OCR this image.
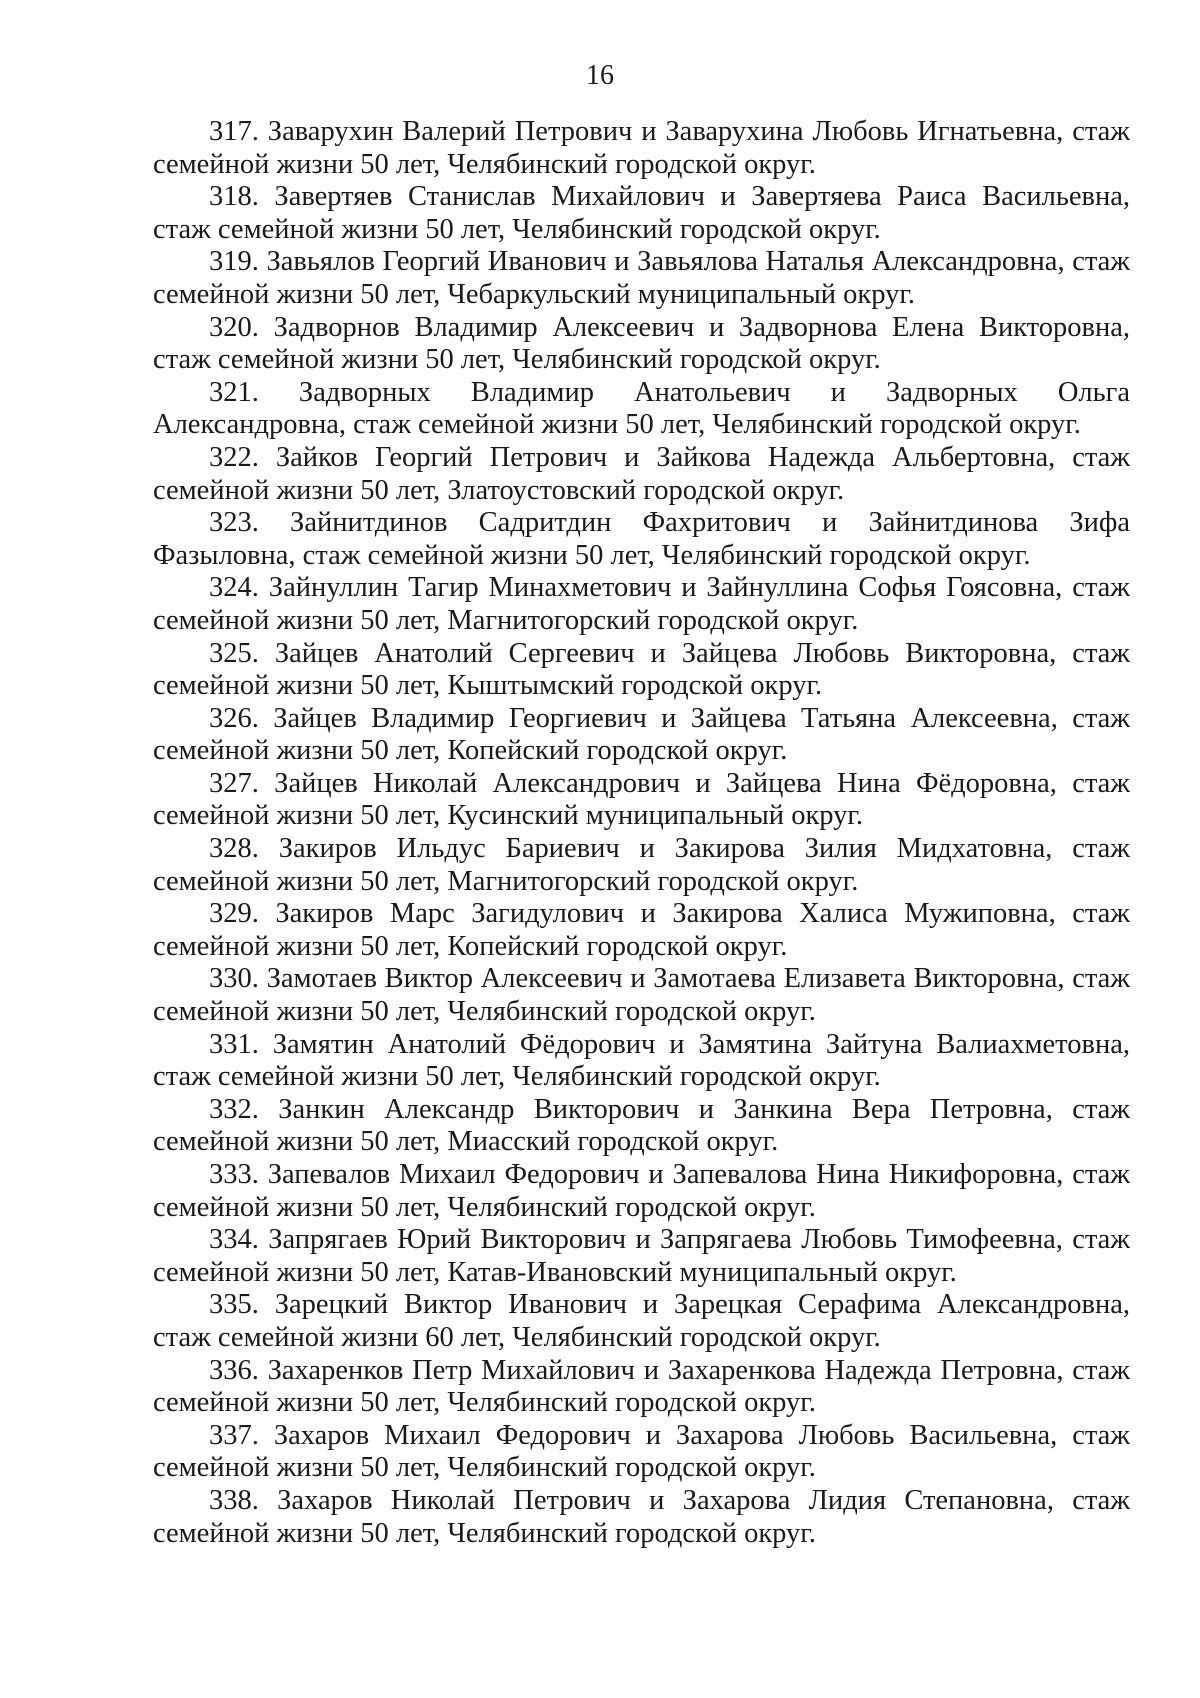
16

317. Заварухин Валерий Петрович и Заварухина Любовь Игнатьевна, стаж семейной жизни 50 лет, Челябинский городской округ.

318. Завертяев Станислав Михайлович и Завертяева Раиса Васильевна, стаж семейной жизни 50 лет, Челябинский городской округ.

319. Завьялов Георгий Иванович и Завьялова Наталья Александровна, стаж семейной жизни 50 лет, Чебаркульский муниципальный округ.

320. Задворнов Владимир Алексеевич и Задворнова Елена Викторовна, стаж семейной жизни 50 лет, Челябинский городской округ.

321. Задворных Владимир Анатольевич и Задворных Ольга Александровна, стаж семейной жизни 50 лет, Челябинский городской округ.

322. Зайков Георгий Петрович и Зайкова Надежда Альбертовна, стаж семейной жизни 50 лет, Златоустовский городской округ.

323. Зайнитдинов Садритдин Фахритович и Зайнитдинова Зифа Фазыловна, стаж семейной жизни 50 лет, Челябинский городской округ.

324. Зайнуллин Тагир Минахметович и Зайнуллина Софья Гоясовна, стаж семейной жизни 50 лет, Магнитогорский городской округ.

325. Зайцев Анатолий Сергеевич и Зайцева Любовь Викторовна, стаж семейной жизни 50 лет, Кыштымский городской округ.

326. Зайцев Владимир Георгиевич и Зайцева Татьяна Алексеевна, стаж семейной жизни 50 лет, Копейский городской округ.

327. Зайцев Николай Александрович и Зайцева Нина Фёдоровна, стаж семейной жизни 50 лет, Кусинский муниципальный округ.

328. Закиров Ильдус Бариевич и Закирова Зилия Мидхатовна, стаж семейной жизни 50 лет, Магнитогорский городской округ.

329. Закиров Марс Загидулович и Закирова Халиса Мужиповна, стаж семейной жизни 50 лет, Копейский городской округ.

330. Замотаев Виктор Алексеевич и Замотаева Елизавета Викторовна, стаж семейной жизни 50 лет, Челябинский городской округ.

331. Замятин Анатолий Фёдорович и Замятина Зайтуна Валиахметовна, стаж семейной жизни 50 лет, Челябинский городской округ.

332. Занкин Александр Викторович и Занкина Вера Петровна, стаж семейной жизни 50 лет, Миасский городской округ.

333. Запевалов Михаил Федорович и Запевалова Нина Никифоровна, стаж семейной жизни 50 лет, Челябинский городской округ.

334. Запрягаев Юрий Викторович и Запрягаева Любовь Тимофеевна, стаж семейной жизни 50 лет, Катав-Ивановский муниципальный округ.

335. Зарецкий Виктор Иванович и Зарецкая Серафима Александровна, стаж семейной жизни 60 лет, Челябинский городской округ.

336. Захаренков Петр Михайлович и Захаренкова Надежда Петровна, стаж семейной жизни 50 лет, Челябинский городской округ.

337. Захаров Михаил Федорович и Захарова Любовь Васильевна, стаж семейной жизни 50 лет, Челябинский городской округ.

338. Захаров Николай Петрович и Захарова Лидия Степановна, стаж семейной жизни 50 лет, Челябинский городской округ.
